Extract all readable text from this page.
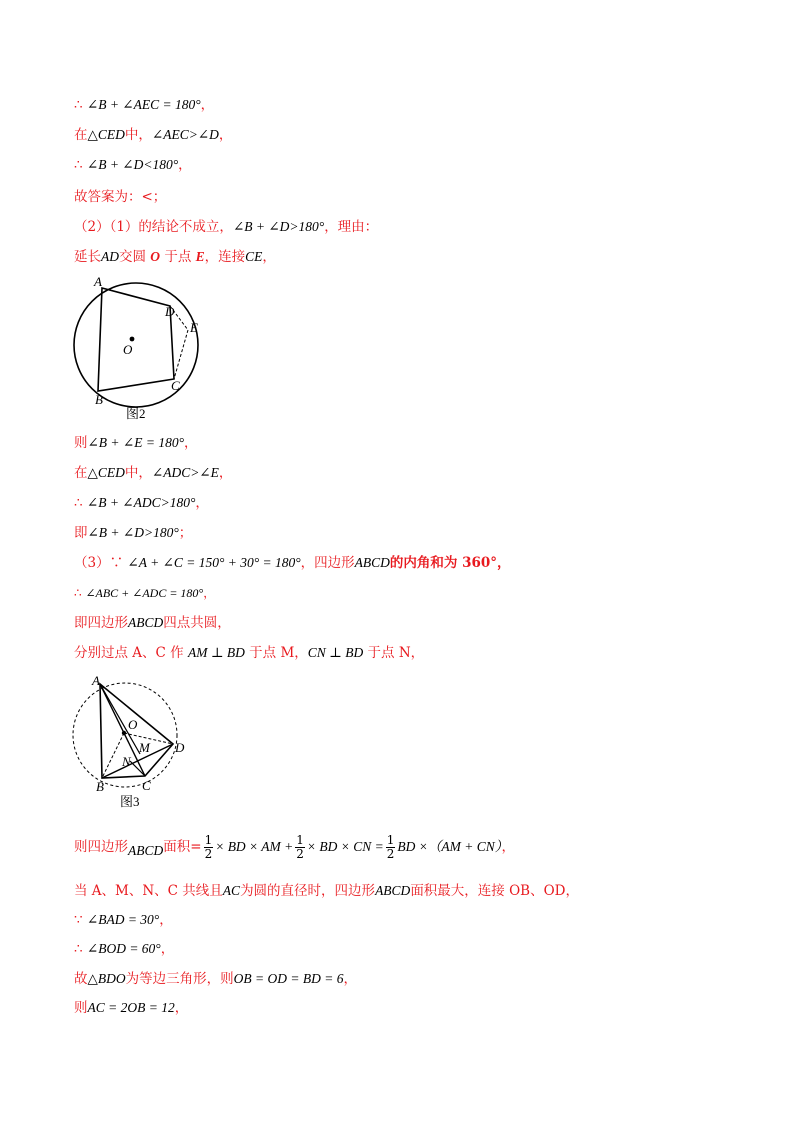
∴ ∠B + ∠AEC = 180°，
在△CED中，∠AEC>∠D，
∴ ∠B + ∠D<180°，
故答案为：<；
（2）（1）的结论不成立，∠B + ∠D>180°，理由：
延长AD交圆 O 于点 E，连接CE，
A
D
E
O
C
B
图2
则∠B + ∠E = 180°，
在△CED中，∠ADC>∠E，
∴ ∠B + ∠ADC>180°，
即∠B + ∠D>180°；
（3）∵ ∠A + ∠C = 150° + 30° = 180°，四边形ABCD的内角和为 360°，
∴ ∠ABC + ∠ADC = 180°，
即四边形ABCD四点共圆，
分别过点 A、C 作 AM ⊥ BD 于点 M，CN ⊥ BD 于点 N，
A
O
M D
N
B	C
图3
则四边形ABCD面积= $\frac{1}{2}$ × BD × AM + $\frac{1}{2}$ × BD × CN = $\frac{1}{2}$ BD ×（AM + CN），
当 A、M、N、C 共线且AC为圆的直径时，四边形ABCD面积最大，连接 OB、OD，
∵ ∠BAD = 30°，
∴ ∠BOD = 60°，
故△BDO为等边三角形，则OB = OD = BD = 6，
则AC = 2OB = 12，
